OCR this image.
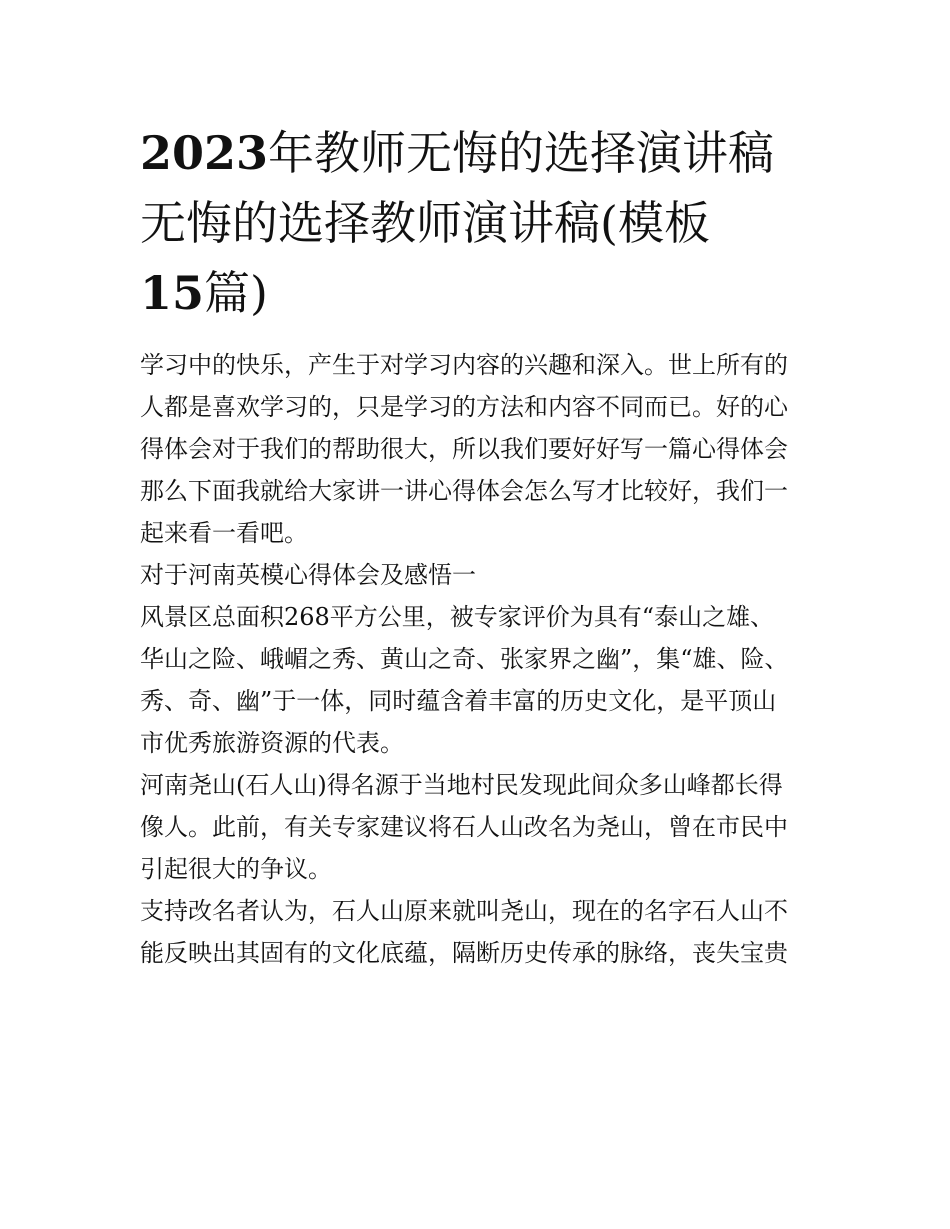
2023年教师无悔的选择演讲稿
无悔的选择教师演讲稿(模板
15篇)

学习中的快乐，产生于对学习内容的兴趣和深入。世上所有的
人都是喜欢学习的，只是学习的方法和内容不同而已。好的心
得体会对于我们的帮助很大，所以我们要好好写一篇心得体会
那么下面我就给大家讲一讲心得体会怎么写才比较好，我们一
起来看一看吧。

对于河南英模心得体会及感悟一

风景区总面积268平方公里，被专家评价为具有“泰山之雄、
华山之险、峨嵋之秀、黄山之奇、张家界之幽”，集“雄、险、
秀、奇、幽”于一体，同时蕴含着丰富的历史文化，是平顶山
市优秀旅游资源的代表。

河南尧山(石人山)得名源于当地村民发现此间众多山峰都长得
像人。此前，有关专家建议将石人山改名为尧山，曾在市民中
引起很大的争议。

支持改名者认为，石人山原来就叫尧山，现在的名字石人山不
能反映出其固有的文化底蕴，隔断历史传承的脉络，丧失宝贵
